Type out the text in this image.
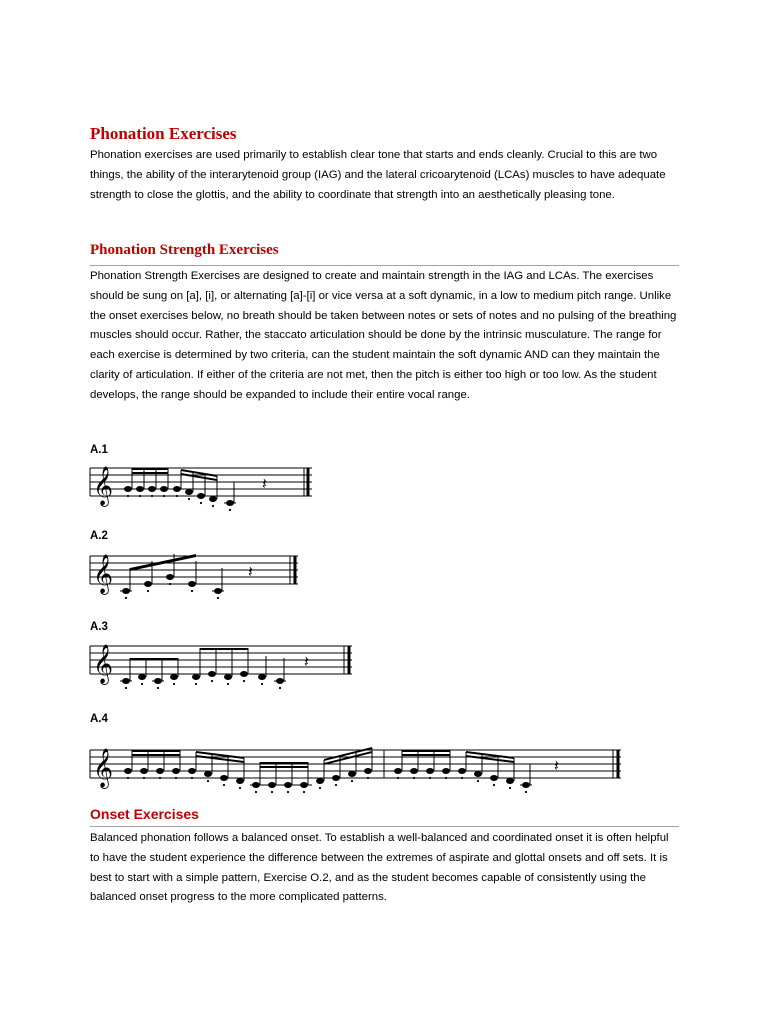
Phonation Exercises

Phonation exercises are used primarily to establish clear tone that starts and ends cleanly. Crucial to this are two things, the ability of the interarytenoid group (IAG) and the lateral cricoarytenoid (LCAs) muscles to have adequate strength to close the glottis, and the ability to coordinate that strength into an aesthetically pleasing tone.

Phonation Strength Exercises

Phonation Strength Exercises are designed to create and maintain strength in the IAG and LCAs. The exercises should be sung on [a], [i], or alternating [a]-[i] or vice versa at a soft dynamic, in a low to medium pitch range. Unlike the onset exercises below, no breath should be taken between notes or sets of notes and no pulsing of the breathing muscles should occur. Rather, the staccato articulation should be done by the intrinsic musculature. The range for each exercise is determined by two criteria, can the student maintain the soft dynamic AND can they maintain the clarity of articulation. If either of the criteria are not met, then the pitch is either too high or too low. As the student develops, the range should be expanded to include their entire vocal range.

A.1
𝄞	𝄽
A.2
𝄞	𝄽
A.3
𝄞	𝄽
A.4
𝄞	𝄽
Onset Exercises

Balanced phonation follows a balanced onset. To establish a well-balanced and coordinated onset it is often helpful to have the student experience the difference between the extremes of aspirate and glottal onsets and off sets. It is best to start with a simple pattern, Exercise O.2, and as the student becomes capable of consistently using the balanced onset progress to the more complicated patterns.
